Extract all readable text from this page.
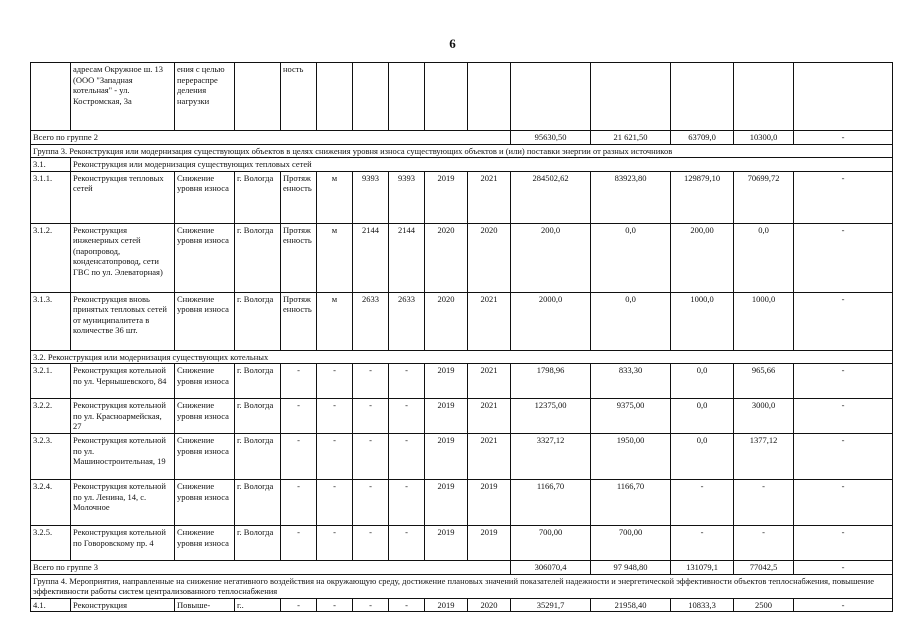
6
	адресам Окружное ш. 13 (ООО "Западная котельная" - ул. Костромская, 3а	ения с целью перераспре деления нагрузки		ность										
Всего по группе 2										95630,50	21 621,50	63709,0	10300,0	-
Группа 3. Реконструкция или модернизация существующих объектов в целях снижения уровня износа существующих объектов и (или) поставки энергии от разных источников														
3.1.	Реконструкция или модернизация существующих тепловых сетей													
3.1.1.	Реконструкция тепловых сетей	Снижение уровня износа	г. Вологда	Протяженность	м	9393	9393	2019	2021	284502,62	83923,80	129879,10	70699,72	-
3.1.2.	Реконструкция инженерных сетей (паропровод, конденсатопровод, сети ГВС по ул. Элеваторная)	Снижение уровня износа	г. Вологда	Протяженность	м	2144	2144	2020	2020	200,0	0,0	200,00	0,0	-
3.1.3.	Реконструкция вновь принятых тепловых сетей от муниципалитета в количестве 36 шт.	Снижение уровня износа	г. Вологда	Протяженность	м	2633	2633	2020	2021	2000,0	0,0	1000,0	1000,0	-
3.2. Реконструкция или модернизация существующих котельных														
3.2.1.	Реконструкция котельной по ул. Чернышевского, 84	Снижение уровня износа	г. Вологда	-	-	-	-	2019	2021	1798,96	833,30	0,0	965,66	-
3.2.2.	Реконструкция котельной по ул. Красноармейская, 27	Снижение уровня износа	г. Вологда	-	-	-	-	2019	2021	12375,00	9375,00	0,0	3000,0	-
3.2.3.	Реконструкция котельной по ул. Машиностроительная, 19	Снижение уровня износа	г. Вологда	-	-	-	-	2019	2021	3327,12	1950,00	0,0	1377,12	-
3.2.4.	Реконструкция котельной по ул. Ленина, 14, с. Молочное	Снижение уровня износа	г. Вологда	-	-	-	-	2019	2019	1166,70	1166,70	-	-	-
3.2.5.	Реконструкция котельной по Говоровскому пр. 4	Снижение уровня износа	г. Вологда	-	-	-	-	2019	2019	700,00	700,00	-	-	-
Всего по группе 3										306070,4	97 948,80	131079,1	77042,5	-
Группа 4. Мероприятия, направленные на снижение негативного воздействия на окружающую среду, достижение плановых значений показателей надежности и энергетической эффективности объектов теплоснабжения, повышение эффективности работы систем централизованного теплоснабжения														
4.1.	Реконструкция	Повыше-	г..	-	-	-	-	2019	2020	35291,7	21958,40	10833,3	2500	-
